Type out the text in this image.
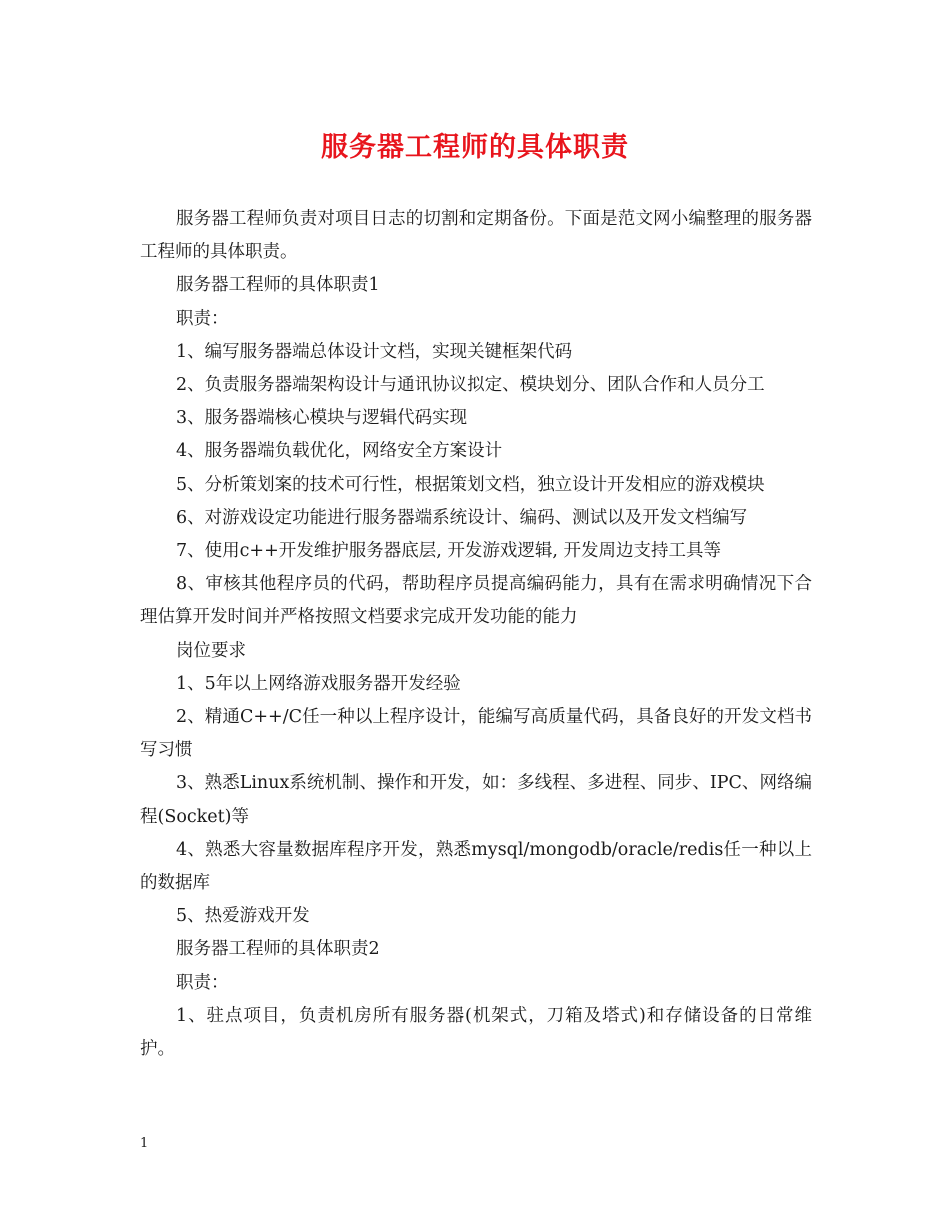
服务器工程师的具体职责

服务器工程师负责对项目日志的切割和定期备份。下面是范文网小编整理的服务器工程师的具体职责。

服务器工程师的具体职责1

职责：

1、编写服务器端总体设计文档，实现关键框架代码

2、负责服务器端架构设计与通讯协议拟定、模块划分、团队合作和人员分工

3、服务器端核心模块与逻辑代码实现

4、服务器端负载优化，网络安全方案设计

5、分析策划案的技术可行性，根据策划文档，独立设计开发相应的游戏模块

6、对游戏设定功能进行服务器端系统设计、编码、测试以及开发文档编写

7、使用c++开发维护服务器底层, 开发游戏逻辑, 开发周边支持工具等

8、审核其他程序员的代码，帮助程序员提高编码能力，具有在需求明确情况下合理估算开发时间并严格按照文档要求完成开发功能的能力

岗位要求

1、5年以上网络游戏服务器开发经验

2、精通C++/C任一种以上程序设计，能编写高质量代码，具备良好的开发文档书写习惯

3、熟悉Linux系统机制、操作和开发，如：多线程、多进程、同步、IPC、网络编程(Socket)等

4、熟悉大容量数据库程序开发，熟悉mysql/mongodb/oracle/redis任一种以上的数据库

5、热爱游戏开发

服务器工程师的具体职责2

职责：

1、驻点项目，负责机房所有服务器(机架式，刀箱及塔式)和存储设备的日常维护。

1
